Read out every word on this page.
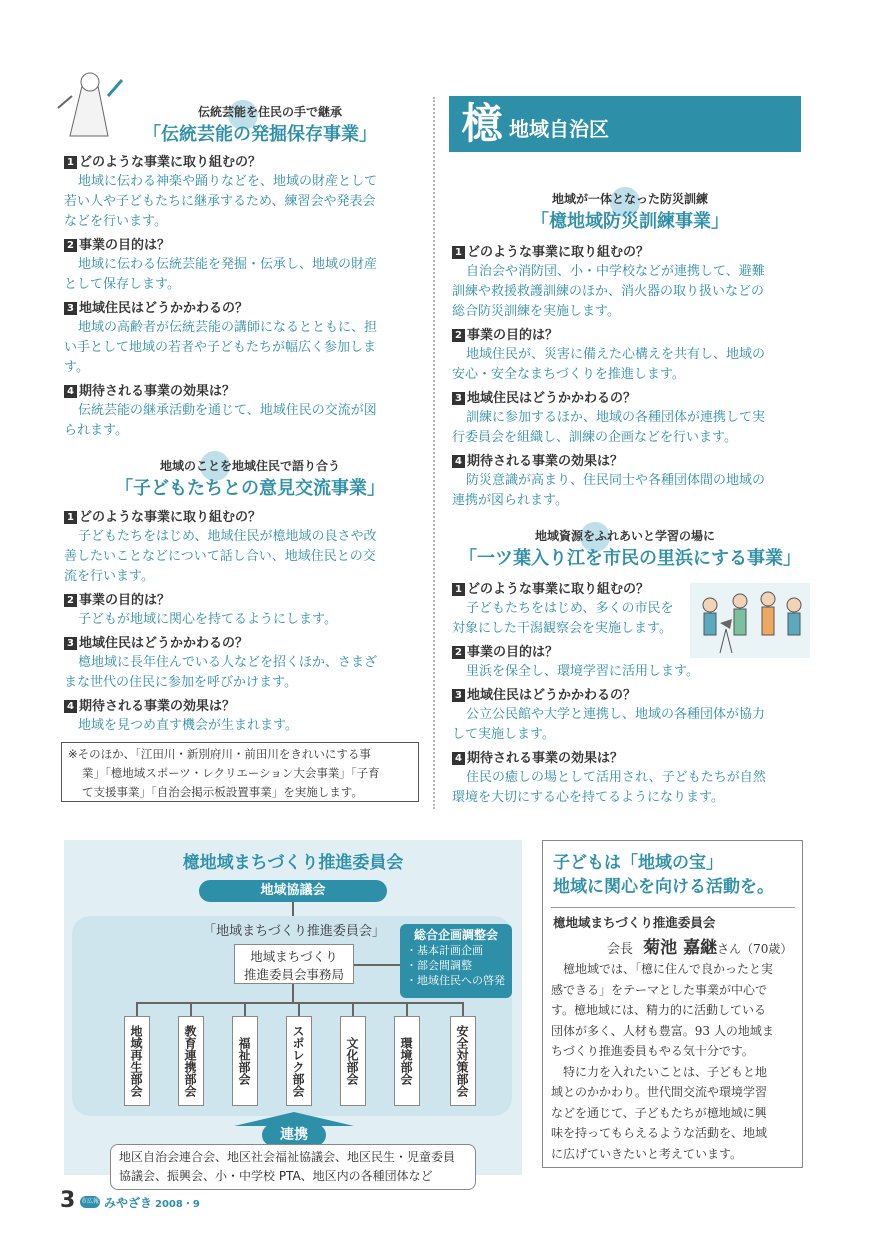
伝統芸能を住民の手で継承
「伝統芸能の発掘保存事業」
1 どのような事業に取り組むの？

地域に伝わる神楽や踊りなどを、地域の財産として

若い人や子どもたちに継承するため、練習会や発表会

などを行います。

2 事業の目的は？

地域に伝わる伝統芸能を発掘・伝承し、地域の財産

として保存します。

3 地域住民はどうかかわるの？

地域の高齢者が伝統芸能の講師になるとともに、担

い手として地域の若者や子どもたちが幅広く参加しま

す。

4 期待される事業の効果は？

伝統芸能の継承活動を通じて、地域住民の交流が図

られます。

地域のことを地域住民で語り合う
「子どもたちとの意見交流事業」
1 どのような事業に取り組むの？

子どもたちをはじめ、地域住民が檍地域の良さや改

善したいことなどについて話し合い、地域住民との交

流を行います。

2 事業の目的は？

子どもが地域に関心を持てるようにします。

3 地域住民はどうかかわるの？

檍地域に長年住んでいる人などを招くほか、さまざ

まな世代の住民に参加を呼びかけます。

4 期待される事業の効果は？

地域を見つめ直す機会が生まれます。

※そのほか、「江田川・新別府川・前田川をきれいにする事

業」「檍地域スポーツ・レクリエーション大会事業」「子育

て支援事業」「自治会掲示板設置事業」を実施します。

檍 地域自治区
地域が一体となった防災訓練
「檍地域防災訓練事業」
1 どのような事業に取り組むの？

自治会や消防団、小・中学校などが連携して、避難

訓練や救援救護訓練のほか、消火器の取り扱いなどの

総合防災訓練を実施します。

2 事業の目的は？

地域住民が、災害に備えた心構えを共有し、地域の

安心・安全なまちづくりを推進します。

3 地域住民はどうかかわるの？

訓練に参加するほか、地域の各種団体が連携して実

行委員会を組織し、訓練の企画などを行います。

4 期待される事業の効果は？

防災意識が高まり、住民同士や各種団体間の地域の

連携が図られます。

地域資源をふれあいと学習の場に
「一ツ葉入り江を市民の里浜にする事業」
1 どのような事業に取り組むの？

子どもたちをはじめ、多くの市民を

対象にした干潟観察会を実施します。

2 事業の目的は？

里浜を保全し、環境学習に活用します。

3 地域住民はどうかかわるの？

公立公民館や大学と連携し、地域の各種団体が協力

して実施します。

4 期待される事業の効果は？

住民の癒しの場として活用され、子どもたちが自然

環境を大切にする心を持てるようになります。

檍地域まちづくり推進委員会
地域協議会
「地域まちづくり推進委員会」
地域まちづくり
推進委員会事務局
総合企画調整会
・基本計画企画
・部会間調整
・地域住民への啓発
地域再生部会	教育連携部会	福祉部会	スポレク部会	文化部会	環境部会	安全対策部会
連携
地区自治会連合会、地区社会福祉協議会、地区民生・児童委員
協議会、振興会、小・中学校 PTA、地区内の各種団体など
子どもは「地域の宝」
地域に関心を向ける活動を。
檍地域まちづくり推進委員会
会長 菊池 嘉継さん（70歳）

檍地域では、「檍に住んで良かったと実

感できる」をテーマとした事業が中心で

す。檍地域には、精力的に活動している

団体が多く、人材も豊富。93 人の地域ま

ちづくり推進委員もやる気十分です。

特に力を入れたいことは、子どもと地

域とのかかわり。世代間交流や環境学習

などを通じて、子どもたちが檍地域に興

味を持ってもらえるような活動を、地域

に広げていきたいと考えています。

3 市広報 みやざき 2008・9
